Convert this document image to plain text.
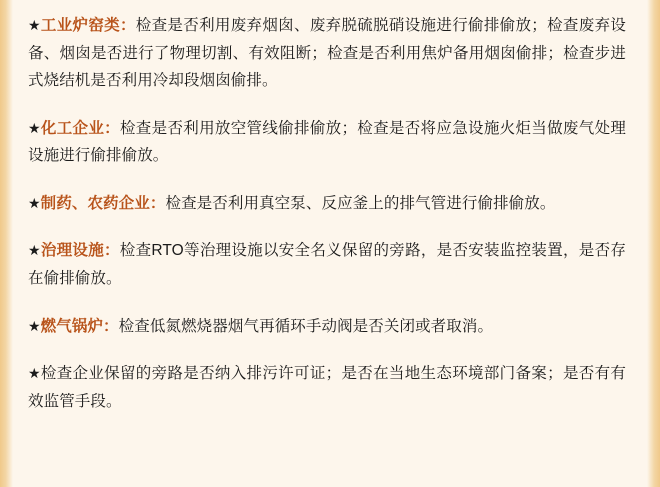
★工业炉窑类：检查是否利用废弃烟囱、废弃脱硫脱硝设施进行偷排偷放；检查废弃设备、烟囱是否进行了物理切割、有效阻断；检查是否利用焦炉备用烟囱偷排；检查步进式烧结机是否利用冷却段烟囱偷排。

★化工企业：检查是否利用放空管线偷排偷放；检查是否将应急设施火炬当做废气处理设施进行偷排偷放。

★制药、农药企业：检查是否利用真空泵、反应釜上的排气管进行偷排偷放。

★治理设施：检查RTO等治理设施以安全名义保留的旁路，是否安装监控装置，是否存在偷排偷放。

★燃气锅炉：检查低氮燃烧器烟气再循环手动阀是否关闭或者取消。

★检查企业保留的旁路是否纳入排污许可证；是否在当地生态环境部门备案；是否有有效监管手段。
